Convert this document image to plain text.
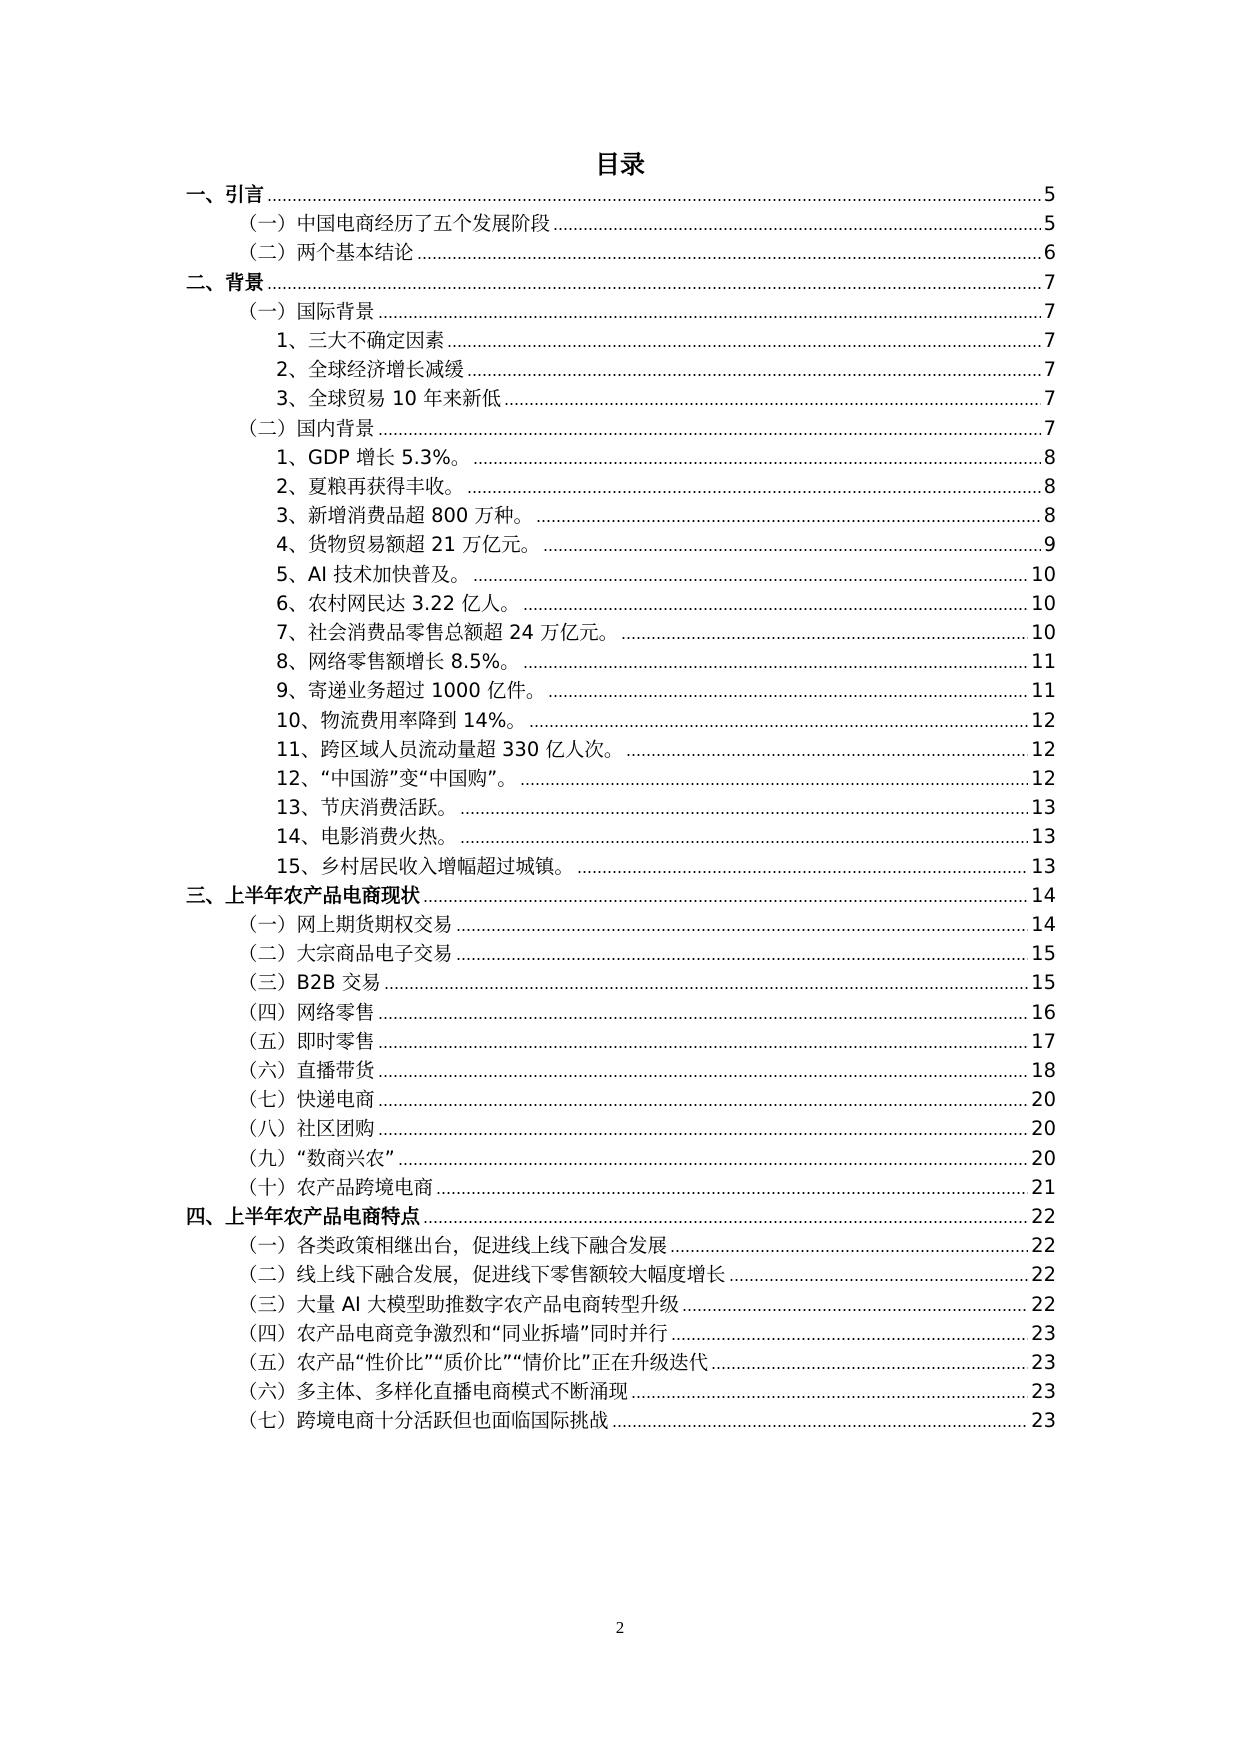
目录
一、引言	5
（一）中国电商经历了五个发展阶段	5
（二）两个基本结论	6
二、背景	7
（一）国际背景	7
1、三大不确定因素	7
2、全球经济增长减缓	7
3、全球贸易 10 年来新低	7
（二）国内背景	7
1、GDP 增长 5.3%。	8
2、夏粮再获得丰收。	8
3、新增消费品超 800 万种。	8
4、货物贸易额超 21 万亿元。	9
5、AI 技术加快普及。	10
6、农村网民达 3.22 亿人。	10
7、社会消费品零售总额超 24 万亿元。	10
8、网络零售额增长 8.5%。	11
9、寄递业务超过 1000 亿件。	11
10、物流费用率降到 14%。	12
11、跨区域人员流动量超 330 亿人次。	12
12、“中国游”变“中国购”。	12
13、节庆消费活跃。	13
14、电影消费火热。	13
15、乡村居民收入增幅超过城镇。	13
三、上半年农产品电商现状	14
（一）网上期货期权交易	14
（二）大宗商品电子交易	15
（三）B2B 交易	15
（四）网络零售	16
（五）即时零售	17
（六）直播带货	18
（七）快递电商	20
（八）社区团购	20
（九）“数商兴农”	20
（十）农产品跨境电商	21
四、上半年农产品电商特点	22
（一）各类政策相继出台，促进线上线下融合发展	22
（二）线上线下融合发展，促进线下零售额较大幅度增长	22
（三）大量 AI 大模型助推数字农产品电商转型升级	22
（四）农产品电商竞争激烈和“同业拆墙”同时并行	23
（五）农产品“性价比”“质价比”“情价比”正在升级迭代	23
（六）多主体、多样化直播电商模式不断涌现	23
（七）跨境电商十分活跃但也面临国际挑战	23
2
